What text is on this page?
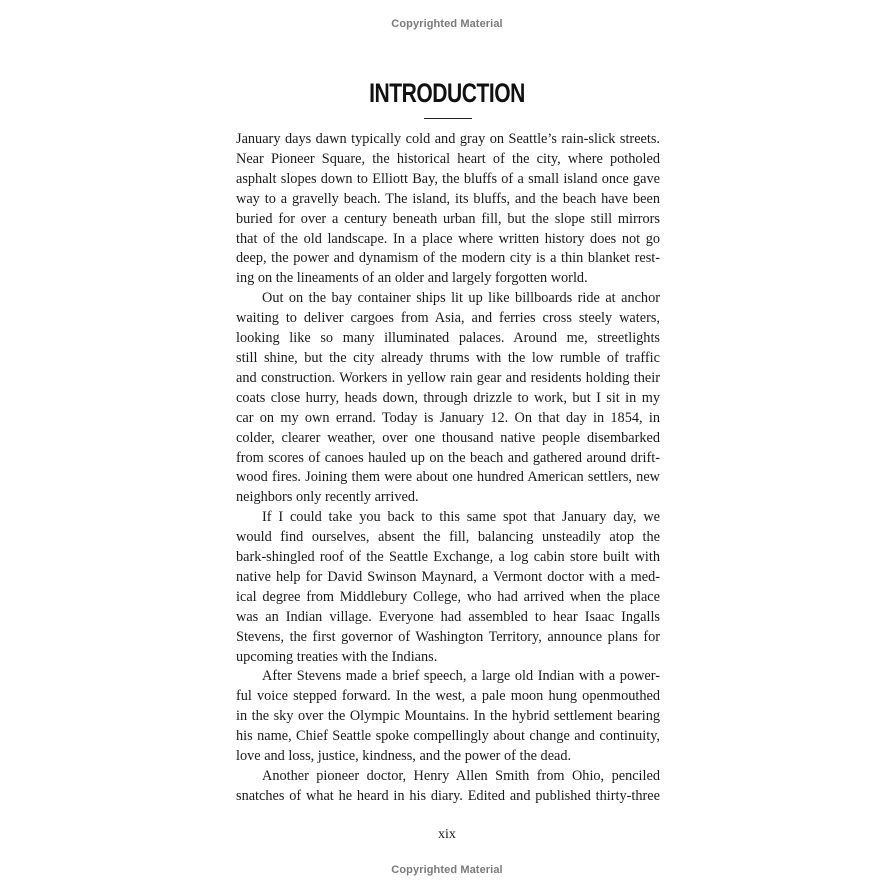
Copyrighted Material
INTRODUCTION
January days dawn typically cold and gray on Seattle’s rain-slick streets.
Near Pioneer Square, the historical heart of the city, where potholed
asphalt slopes down to Elliott Bay, the bluffs of a small island once gave
way to a gravelly beach. The island, its bluffs, and the beach have been
buried for over a century beneath urban fill, but the slope still mirrors
that of the old landscape. In a place where written history does not go
deep, the power and dynamism of the modern city is a thin blanket rest-
ing on the lineaments of an older and largely forgotten world.
Out on the bay container ships lit up like billboards ride at anchor
waiting to deliver cargoes from Asia, and ferries cross steely waters,
looking like so many illuminated palaces. Around me, streetlights
still shine, but the city already thrums with the low rumble of traffic
and construction. Workers in yellow rain gear and residents holding their
coats close hurry, heads down, through drizzle to work, but I sit in my
car on my own errand. Today is January 12. On that day in 1854, in
colder, clearer weather, over one thousand native people disembarked
from scores of canoes hauled up on the beach and gathered around drift-
wood fires. Joining them were about one hundred American settlers, new
neighbors only recently arrived.
If I could take you back to this same spot that January day, we
would find ourselves, absent the fill, balancing unsteadily atop the
bark-shingled roof of the Seattle Exchange, a log cabin store built with
native help for David Swinson Maynard, a Vermont doctor with a med-
ical degree from Middlebury College, who had arrived when the place
was an Indian village. Everyone had assembled to hear Isaac Ingalls
Stevens, the first governor of Washington Territory, announce plans for
upcoming treaties with the Indians.
After Stevens made a brief speech, a large old Indian with a power-
ful voice stepped forward. In the west, a pale moon hung openmouthed
in the sky over the Olympic Mountains. In the hybrid settlement bearing
his name, Chief Seattle spoke compellingly about change and continuity,
love and loss, justice, kindness, and the power of the dead.
Another pioneer doctor, Henry Allen Smith from Ohio, penciled
snatches of what he heard in his diary. Edited and published thirty-three
xix
Copyrighted Material
